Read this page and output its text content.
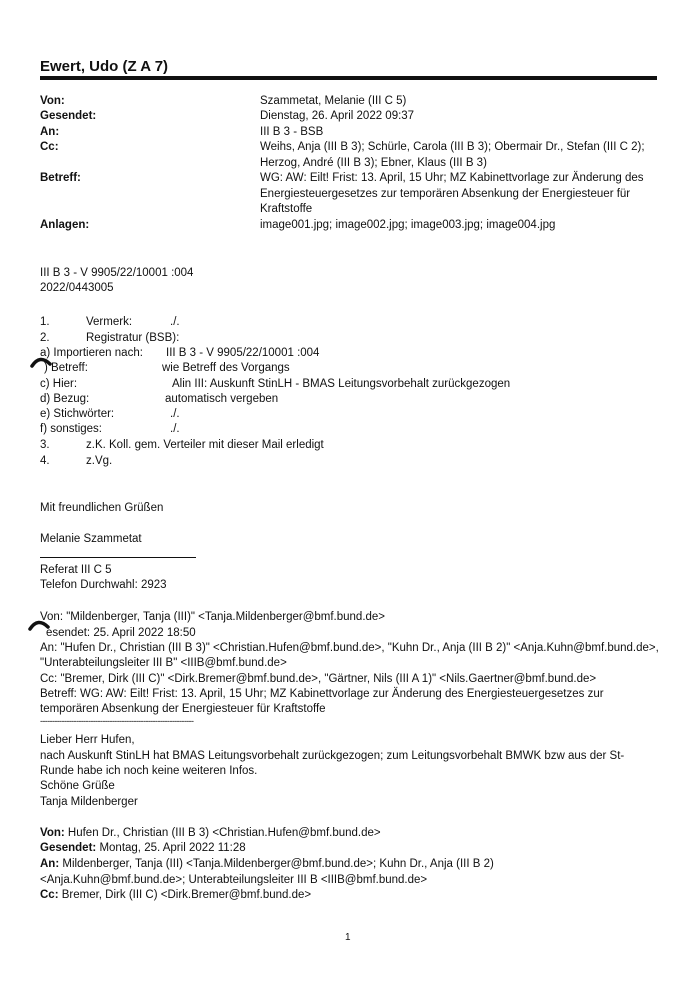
Ewert, Udo (Z A 7)
Von:	Szammetat, Melanie (III C 5)
Gesendet:	Dienstag, 26. April 2022 09:37
An:	III B 3 - BSB
Cc:	Weihs, Anja (III B 3); Schürle, Carola (III B 3); Obermair Dr., Stefan (III C 2);
Herzog, André (III B 3); Ebner, Klaus (III B 3)
Betreff:	WG: AW: Eilt! Frist: 13. April, 15 Uhr; MZ Kabinettvorlage zur Änderung des
Energiesteuergesetzes zur temporären Absenkung der Energiesteuer für
Kraftstoffe
Anlagen:	image001.jpg; image002.jpg; image003.jpg; image004.jpg
III B 3 - V 9905/22/10001 :004
2022/0443005
1.	Vermerk:	./.
2.	Registratur (BSB):
a) Importieren nach: III B 3 - V 9905/22/10001 :004
) Betreff:	wie Betreff des Vorgangs
c) Hier:	Alin III: Auskunft StinLH - BMAS Leitungsvorbehalt zurückgezogen
d) Bezug:	automatisch vergeben
e) Stichwörter:	./.
f) sonstiges:	./.
3.	z.K. Koll. gem. Verteiler mit dieser Mail erledigt
4.	z.Vg.
Mit freundlichen Grüßen
Melanie Szammetat
Referat III C 5
Telefon Durchwahl: 2923
Von: "Mildenberger, Tanja (III)" <Tanja.Mildenberger@bmf.bund.de>
esendet: 25. April 2022 18:50
An: "Hufen Dr., Christian (III B 3)" <Christian.Hufen@bmf.bund.de>, "Kuhn Dr., Anja (III B 2)" <Anja.Kuhn@bmf.bund.de>,
"Unterabteilungsleiter III B" <IIIB@bmf.bund.de>
Cc: "Bremer, Dirk (III C)" <Dirk.Bremer@bmf.bund.de>, "Gärtner, Nils (III A 1)" <Nils.Gaertner@bmf.bund.de>
Betreff: WG: AW: Eilt! Frist: 13. April, 15 Uhr; MZ Kabinettvorlage zur Änderung des Energiesteuergesetzes zur
temporären Absenkung der Energiesteuer für Kraftstoffe
----------------------------------------------------------------
Lieber Herr Hufen,
nach Auskunft StinLH hat BMAS Leitungsvorbehalt zurückgezogen; zum Leitungsvorbehalt BMWK bzw aus der St-
Runde habe ich noch keine weiteren Infos.
Schöne Grüße
Tanja Mildenberger
Von: Hufen Dr., Christian (III B 3) <Christian.Hufen@bmf.bund.de>
Gesendet: Montag, 25. April 2022 11:28
An: Mildenberger, Tanja (III) <Tanja.Mildenberger@bmf.bund.de>; Kuhn Dr., Anja (III B 2)
<Anja.Kuhn@bmf.bund.de>; Unterabteilungsleiter III B <IIIB@bmf.bund.de>
Cc: Bremer, Dirk (III C) <Dirk.Bremer@bmf.bund.de>
1
